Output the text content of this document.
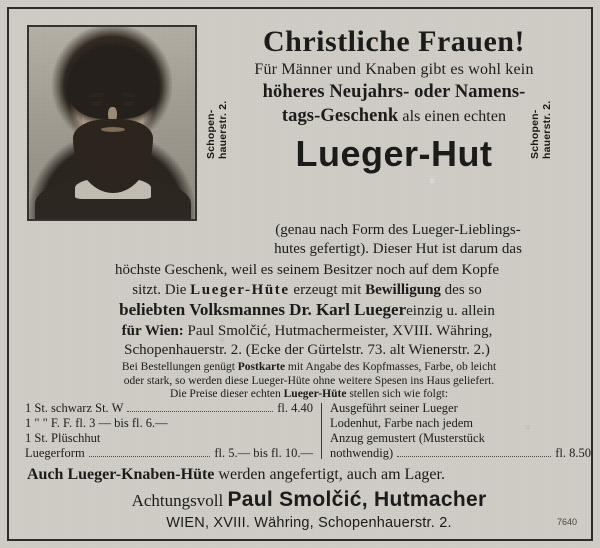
Christliche Frauen!
Für Männer und Knaben gibt es wohl kein
höheres Neujahrs- oder Namens-
tags-Geschenk als einen echten
Lueger-Hut
Schopen- hauerstr. 2.	Schopen- hauerstr. 2.
(genau nach Form des Lueger-Lieblings-
hutes gefertigt). Dieser Hut ist darum das
höchste Geschenk, weil es seinem Besitzer noch auf dem Kopfe
sitzt. Die Lueger-Hüte erzeugt mit Bewilligung des so
beliebten Volksmannes Dr. Karl Luegereinzig u. allein
für Wien: Paul Smolčić, Hutmachermeister, XVIII. Währing,
Schopenhauerstr. 2. (Ecke der Gürtelstr. 73. alt Wienerstr. 2.)
Bei Bestellungen genügt Postkarte mit Angabe des Kopfmasses, Farbe, ob leicht
oder stark, so werden diese Lueger-Hüte ohne weitere Spesen ins Haus geliefert.
Die Preise dieser echten Lueger-Hüte stellen sich wie folgt:
1 St. schwarz St. W	fl. 4.40
1 " " F. F. fl. 3 — bis fl. 6.—
1 St. Plüschhut
Luegerform	fl. 5.— bis fl. 10.—
Ausgeführt seiner Lueger
Lodenhut, Farbe nach jedem
Anzug gemustert (Musterstück
nothwendig)	fl. 8.50
Auch Lueger-Knaben-Hüte werden angefertigt, auch am Lager.
Achtungsvoll Paul Smolčić, Hutmacher
WIEN, XVIII. Währing, Schopenhauerstr. 2.	7640
